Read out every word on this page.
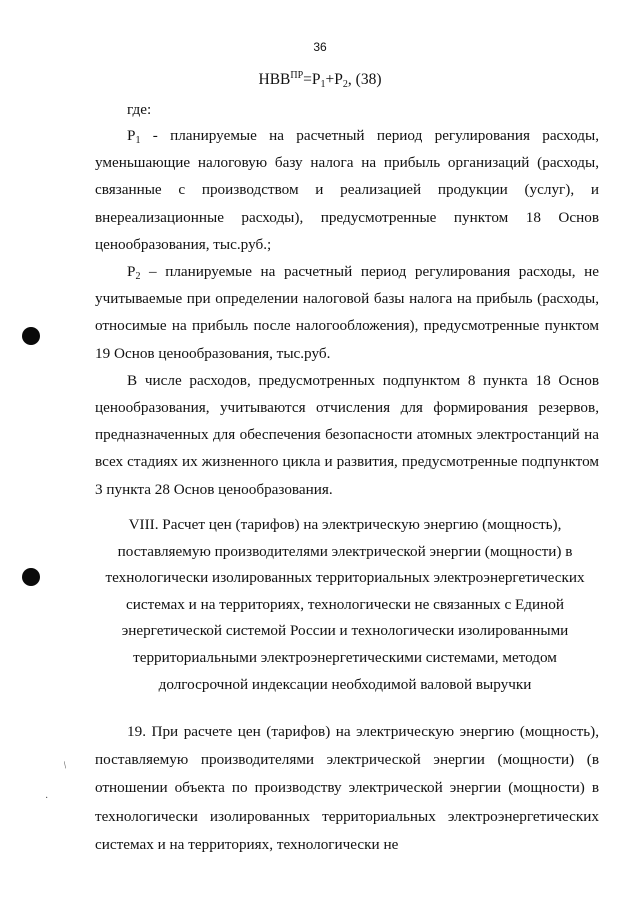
36
$НВВ^{ПР}=P_1+P_2$, (38)

где:

$P_1$ - планируемые на расчетный период регулирования расходы, уменьшающие налоговую базу налога на прибыль организаций (расходы, связанные с производством и реализацией продукции (услуг), и внереализационные расходы), предусмотренные пунктом 18 Основ ценообразования, тыс.руб.;

$P_2$ – планируемые на расчетный период регулирования расходы, не учитываемые при определении налоговой базы налога на прибыль (расходы, относимые на прибыль после налогообложения), предусмотренные пунктом 19 Основ ценообразования, тыс.руб.

В числе расходов, предусмотренных подпунктом 8 пункта 18 Основ ценообразования, учитываются отчисления для формирования резервов, предназначенных для обеспечения безопасности атомных электростанций на всех стадиях их жизненного цикла и развития, предусмотренные подпунктом 3 пункта 28 Основ ценообразования.

VIII. Расчет цен (тарифов) на электрическую энергию (мощность),
поставляемую производителями электрической энергии (мощности) в
технологически изолированных территориальных электроэнергетических
системах и на территориях, технологически не связанных с Единой
энергетической системой России и технологически изолированными
территориальными электроэнергетическими системами, методом
долгосрочной индексации необходимой валовой выручки

19. При расчете цен (тарифов) на электрическую энергию (мощность), поставляемую производителями электрической энергии (мощности) (в отношении объекта по производству электрической энергии (мощности) в технологически изолированных территориальных электроэнергетических системах и на территориях, технологически не

/
·
